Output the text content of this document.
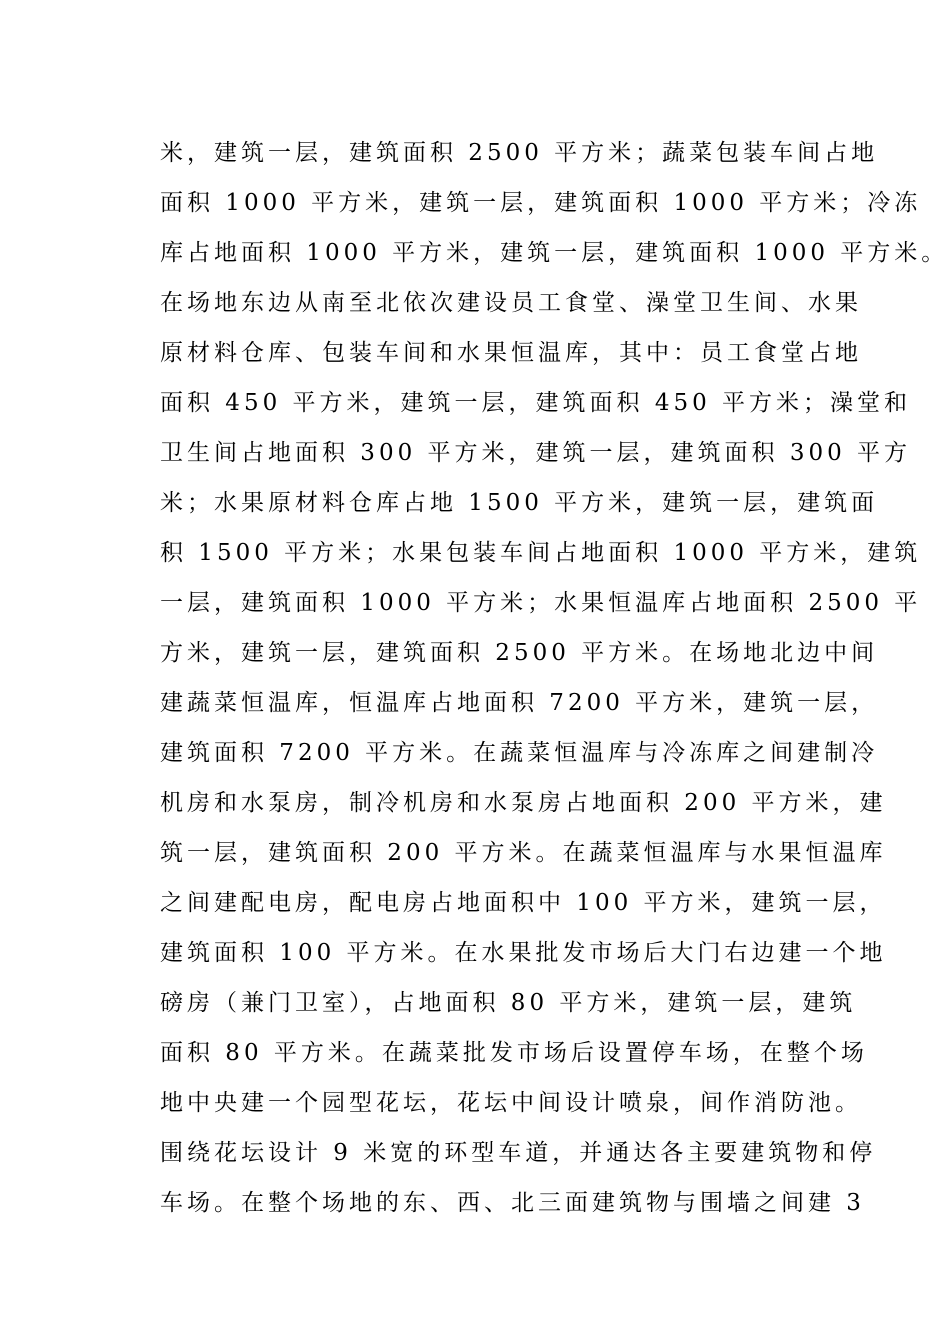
米，建筑一层，建筑面积 2500 平方米；蔬菜包装车间占地
面积 1000 平方米，建筑一层，建筑面积 1000 平方米；冷冻
库占地面积 1000 平方米，建筑一层，建筑面积 1000 平方米。
在场地东边从南至北依次建设员工食堂、澡堂卫生间、水果
原材料仓库、包装车间和水果恒温库，其中：员工食堂占地
面积 450 平方米，建筑一层，建筑面积 450 平方米；澡堂和
卫生间占地面积 300 平方米，建筑一层，建筑面积 300 平方
米；水果原材料仓库占地 1500 平方米，建筑一层，建筑面
积 1500 平方米；水果包装车间占地面积 1000 平方米，建筑
一层，建筑面积 1000 平方米；水果恒温库占地面积 2500 平
方米，建筑一层，建筑面积 2500 平方米。在场地北边中间
建蔬菜恒温库，恒温库占地面积 7200 平方米，建筑一层，
建筑面积 7200 平方米。在蔬菜恒温库与冷冻库之间建制冷
机房和水泵房，制冷机房和水泵房占地面积 200 平方米，建
筑一层，建筑面积 200 平方米。在蔬菜恒温库与水果恒温库
之间建配电房，配电房占地面积中 100 平方米，建筑一层，
建筑面积 100 平方米。在水果批发市场后大门右边建一个地
磅房（兼门卫室），占地面积 80 平方米，建筑一层，建筑
面积 80 平方米。在蔬菜批发市场后设置停车场，在整个场
地中央建一个园型花坛，花坛中间设计喷泉，间作消防池。
围绕花坛设计 9 米宽的环型车道，并通达各主要建筑物和停
车场。在整个场地的东、西、北三面建筑物与围墙之间建 3
